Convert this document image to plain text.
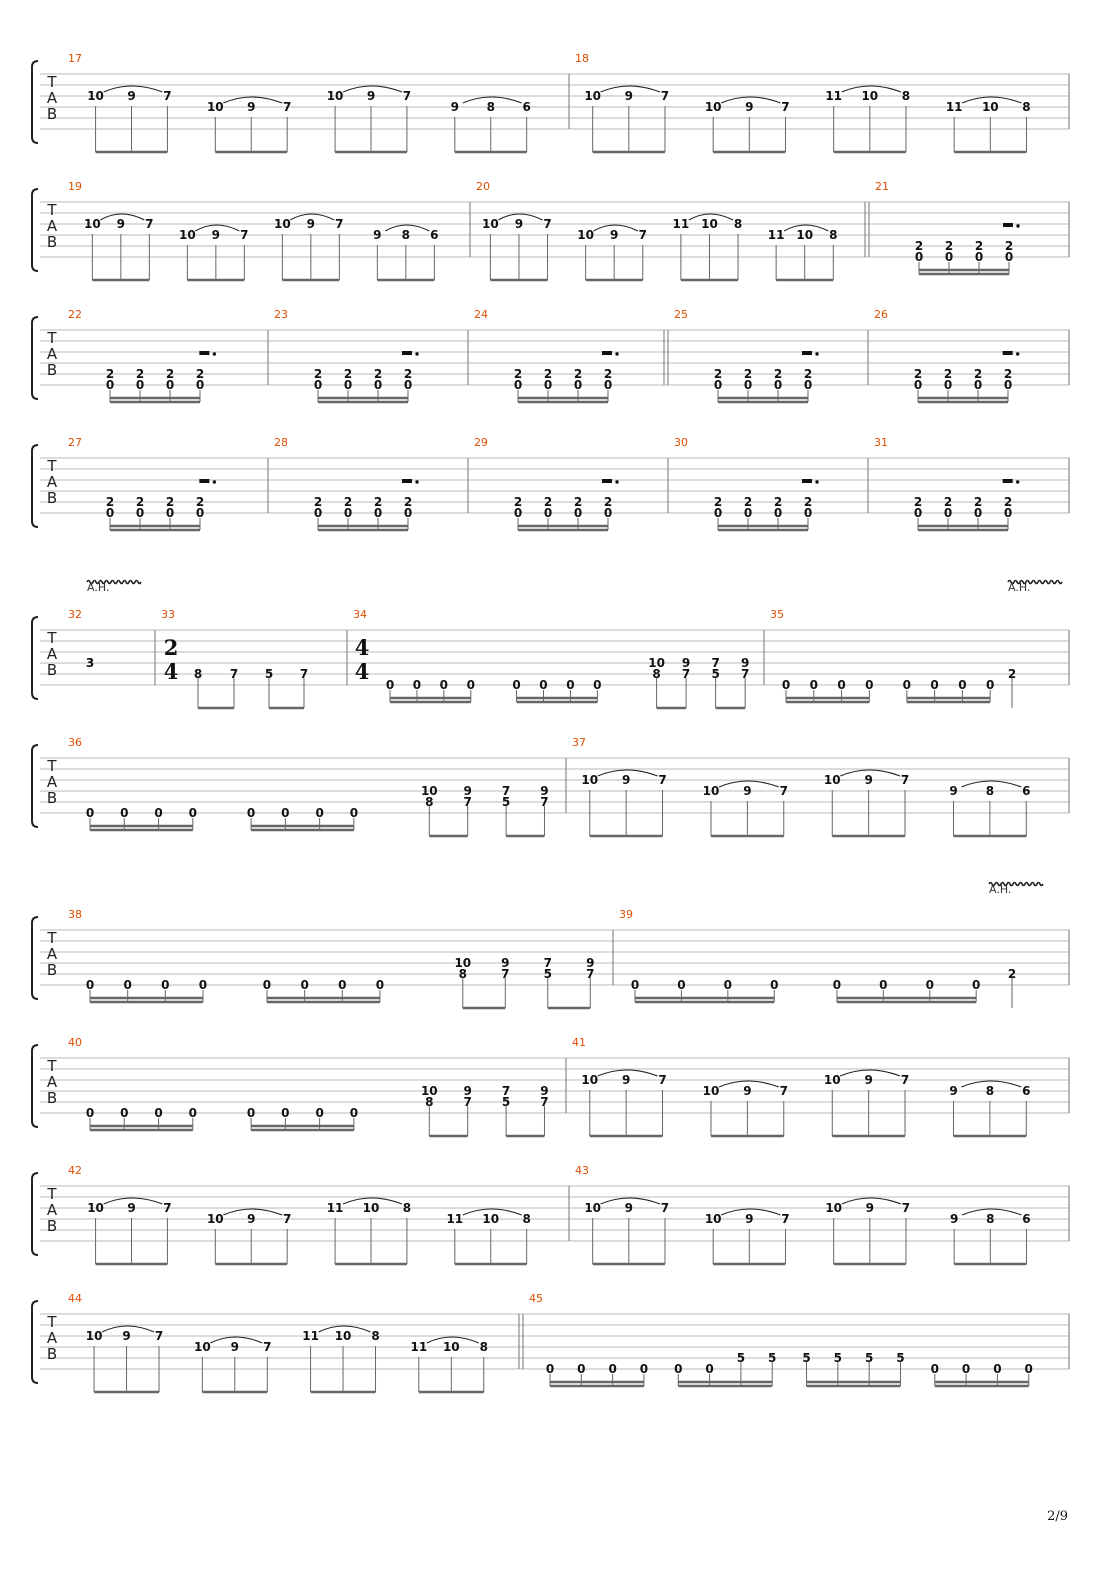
T
A
B
17
10 9 7
10 9 7
10 9 7
9 8 6
18
10 9 7
10 9 7
11 10 8
11 10 8
T
A
B
19
10 9 7
10 9 7
10 9 7
9 8 6
20
10 9 7
10 9 7
11 10 8
11 10 8
21
2
0
2
0
2
0
2
0
T
A
B
22
2
0
2
0
2
0
2
0
23
2
0
2
0
2
0
2
0
24
2
0
2
0
2
0
2
0
25
2
0
2
0
2
0
2
0
26
2
0
2
0
2
0
2
0
T
A
B
27
2
0
2
0
2
0
2
0
28
2
0
2
0
2
0
2
0
29
2
0
2
0
2
0
2
0
30
2
0
2
0
2
0
2
0
31
2
0
2
0
2
0
2
0
T
A
B
32
3
33
2
4 8 7 5 7
34
4
4
0 0 0 0	0 0 0 0
10
8
9
7
7
5
9
7
35
0 0 0 0 0 0 0 0
2
T
A
B
36
0 0 0 0	0 0 0 0
10
8
9
7
7
5
9
7
37
10 9 7
10 9 7
10 9 7
9 8 6
T
A
B
38
0 0 0 0	0 0 0 0
10
8
9
7
7
5
9
7
39
0	0	0	0	0	0	0	0
2
T
A
B
40
0 0 0 0	0 0 0 0
10
8
9
7
7
5
9
7
41
10 9 7
10 9 7
10 9 7
9 8 6
T
A
B
42
10 9 7
10 9 7
11 10 8
11 10 8
43
10 9 7
10 9 7
10 9 7
9 8 6
T
A
B
44
10 9 7
10 9 7
11 10 8
11 10 8
45
0 0 0 0 0 0
5 5 5 5 5 5
0 0 0 0
A.H.	A.H.
A.H.
2/9
